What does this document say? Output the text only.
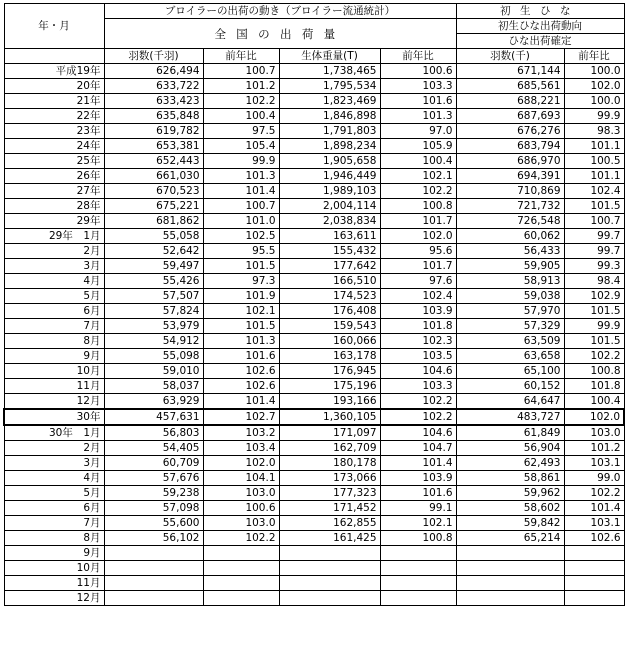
年・月	ブロイラーの出荷の動き（ブロイラー流通統計）				初生ひな	
	全国の出荷量				初生ひな出荷動向	
					ひな出荷確定	
	羽数(千羽)	前年比	生体重量(T)	前年比	羽数(千)	前年比
平成19年	626,494	100.7	1,738,465	100.6	671,144	100.0
20年	633,722	101.2	1,795,534	103.3	685,561	102.0
21年	633,423	102.2	1,823,469	101.6	688,221	100.0
22年	635,848	100.4	1,846,898	101.3	687,693	99.9
23年	619,782	97.5	1,791,803	97.0	676,276	98.3
24年	653,381	105.4	1,898,234	105.9	683,794	101.1
25年	652,443	99.9	1,905,658	100.4	686,970	100.5
26年	661,030	101.3	1,946,449	102.1	694,391	101.1
27年	670,523	101.4	1,989,103	102.2	710,869	102.4
28年	675,221	100.7	2,004,114	100.8	721,732	101.5
29年	681,862	101.0	2,038,834	101.7	726,548	100.7
29年　1月	55,058	102.5	163,611	102.0	60,062	99.7
2月	52,642	95.5	155,432	95.6	56,433	99.7
3月	59,497	101.5	177,642	101.7	59,905	99.3
4月	55,426	97.3	166,510	97.6	58,913	98.4
5月	57,507	101.9	174,523	102.4	59,038	102.9
6月	57,824	102.1	176,408	103.9	57,970	101.5
7月	53,979	101.5	159,543	101.8	57,329	99.9
8月	54,912	101.3	160,066	102.3	63,509	101.5
9月	55,098	101.6	163,178	103.5	63,658	102.2
10月	59,010	102.6	176,945	104.6	65,100	100.8
11月	58,037	102.6	175,196	103.3	60,152	101.8
12月	63,929	101.4	193,166	102.2	64,647	100.4
30年	457,631	102.7	1,360,105	102.2	483,727	102.0
30年　1月	56,803	103.2	171,097	104.6	61,849	103.0
2月	54,405	103.4	162,709	104.7	56,904	101.2
3月	60,709	102.0	180,178	101.4	62,493	103.1
4月	57,676	104.1	173,066	103.9	58,861	99.0
5月	59,238	103.0	177,323	101.6	59,962	102.2
6月	57,098	100.6	171,452	99.1	58,602	101.4
7月	55,600	103.0	162,855	102.1	59,842	103.1
8月	56,102	102.2	161,425	100.8	65,214	102.6
9月						
10月						
11月						
12月						
